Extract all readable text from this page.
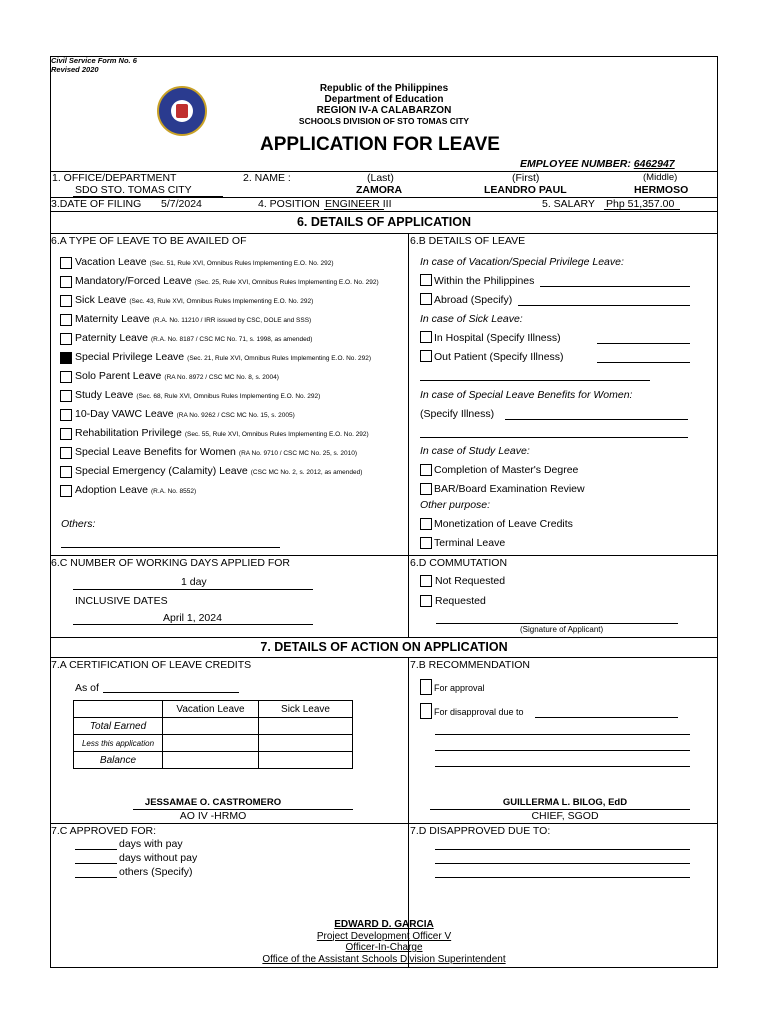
Civil Service Form No. 6
Revised 2020
Republic of the Philippines
Department of Education
REGION IV-A CALABARZON
SCHOOLS DIVISION OF STO TOMAS CITY
APPLICATION FOR LEAVE
EMPLOYEE NUMBER: 6462947
1. OFFICE/DEPARTMENT	2. NAME :	(Last)	(First)	(Middle)
SDO STO. TOMAS CITY	ZAMORA	LEANDRO PAUL	HERMOSO
3.DATE OF FILING 5/7/2024	4. POSITION ENGINEER III	5. SALARY Php 51,357.00
6. DETAILS OF APPLICATION
6.A TYPE OF LEAVE TO BE AVAILED OF	6.B DETAILS OF LEAVE
Vacation Leave (Sec. 51, Rule XVI, Omnibus Rules Implementing E.O. No. 292)
Mandatory/Forced Leave (Sec. 25, Rule XVI, Omnibus Rules Implementing E.O. No. 292)
Sick Leave (Sec. 43, Rule XVI, Omnibus Rules Implementing E.O. No. 292)
Maternity Leave (R.A. No. 11210 / IRR issued by CSC, DOLE and SSS)
Paternity Leave (R.A. No. 8187 / CSC MC No. 71, s. 1998, as amended)
Special Privilege Leave (Sec. 21, Rule XVI, Omnibus Rules Implementing E.O. No. 292)
Solo Parent Leave (RA No. 8972 / CSC MC No. 8, s. 2004)
Study Leave (Sec. 68, Rule XVI, Omnibus Rules Implementing E.O. No. 292)
10-Day VAWC Leave (RA No. 9262 / CSC MC No. 15, s. 2005)
Rehabilitation Privilege (Sec. 55, Rule XVI, Omnibus Rules Implementing E.O. No. 292)
Special Leave Benefits for Women (RA No. 9710 / CSC MC No. 25, s. 2010)
Special Emergency (Calamity) Leave (CSC MC No. 2, s. 2012, as amended)
Adoption Leave (R.A. No. 8552)
Others:
In case of Vacation/Special Privilege Leave:
Within the Philippines
Abroad (Specify)
In case of Sick Leave:
In Hospital (Specify Illness)
Out Patient (Specify Illness)
In case of Special Leave Benefits for Women:
(Specify Illness)
In case of Study Leave:
Completion of Master's Degree
BAR/Board Examination Review
Other purpose:
Monetization of Leave Credits
Terminal Leave
6.C NUMBER OF WORKING DAYS APPLIED FOR
1 day
INCLUSIVE DATES
April 1, 2024
6.D COMMUTATION
Not Requested
Requested
(Signature of Applicant)
7. DETAILS OF ACTION ON APPLICATION
7.A CERTIFICATION OF LEAVE CREDITS
As of
	Vacation Leave	Sick Leave
Total Earned		
Less this application		
Balance		
JESSAMAE O. CASTROMERO
AO IV -HRMO
7.B RECOMMENDATION
For approval
For disapproval due to
GUILLERMA L. BILOG, EdD
CHIEF, SGOD
7.C APPROVED FOR:
days with pay
days without pay
others (Specify)
7.D DISAPPROVED DUE TO:
EDWARD D. GARCIA
Project Development Officer V
Officer-In-Charge
Office of the Assistant Schools Division Superintendent
